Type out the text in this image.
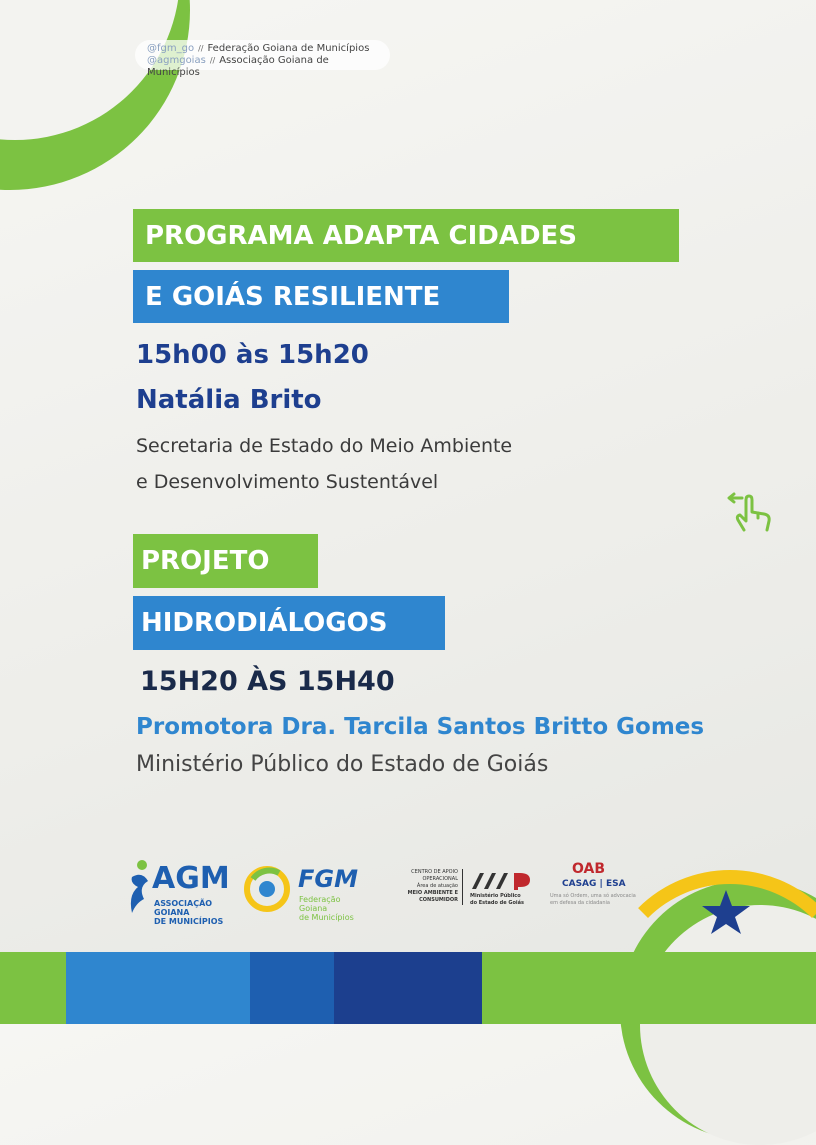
@fgm_go // Federação Goiana de Municípios
@agmgoias // Associação Goiana de Municípios
PROGRAMA ADAPTA CIDADES
E GOIÁS RESILIENTE
15h00 às 15h20
Natália Brito
Secretaria de Estado do Meio Ambiente
e Desenvolvimento Sustentável
PROJETO
HIDRODIÁLOGOS
15H20 ÀS 15H40
Promotora Dra. Tarcila Santos Britto Gomes
Ministério Público do Estado de Goiás
AGM
ASSOCIAÇÃO GOIANA
DE MUNICÍPIOS
FGM
Federação Goiana
de Municípios
CENTRO DE APOIO OPERACIONAL
Área de atuação
MEIO AMBIENTE E
CONSUMIDOR
Ministério Público
do Estado de Goiás
OAB
CASAG | ESA
Uma só Ordem, uma só advocacia
em defesa da cidadania
